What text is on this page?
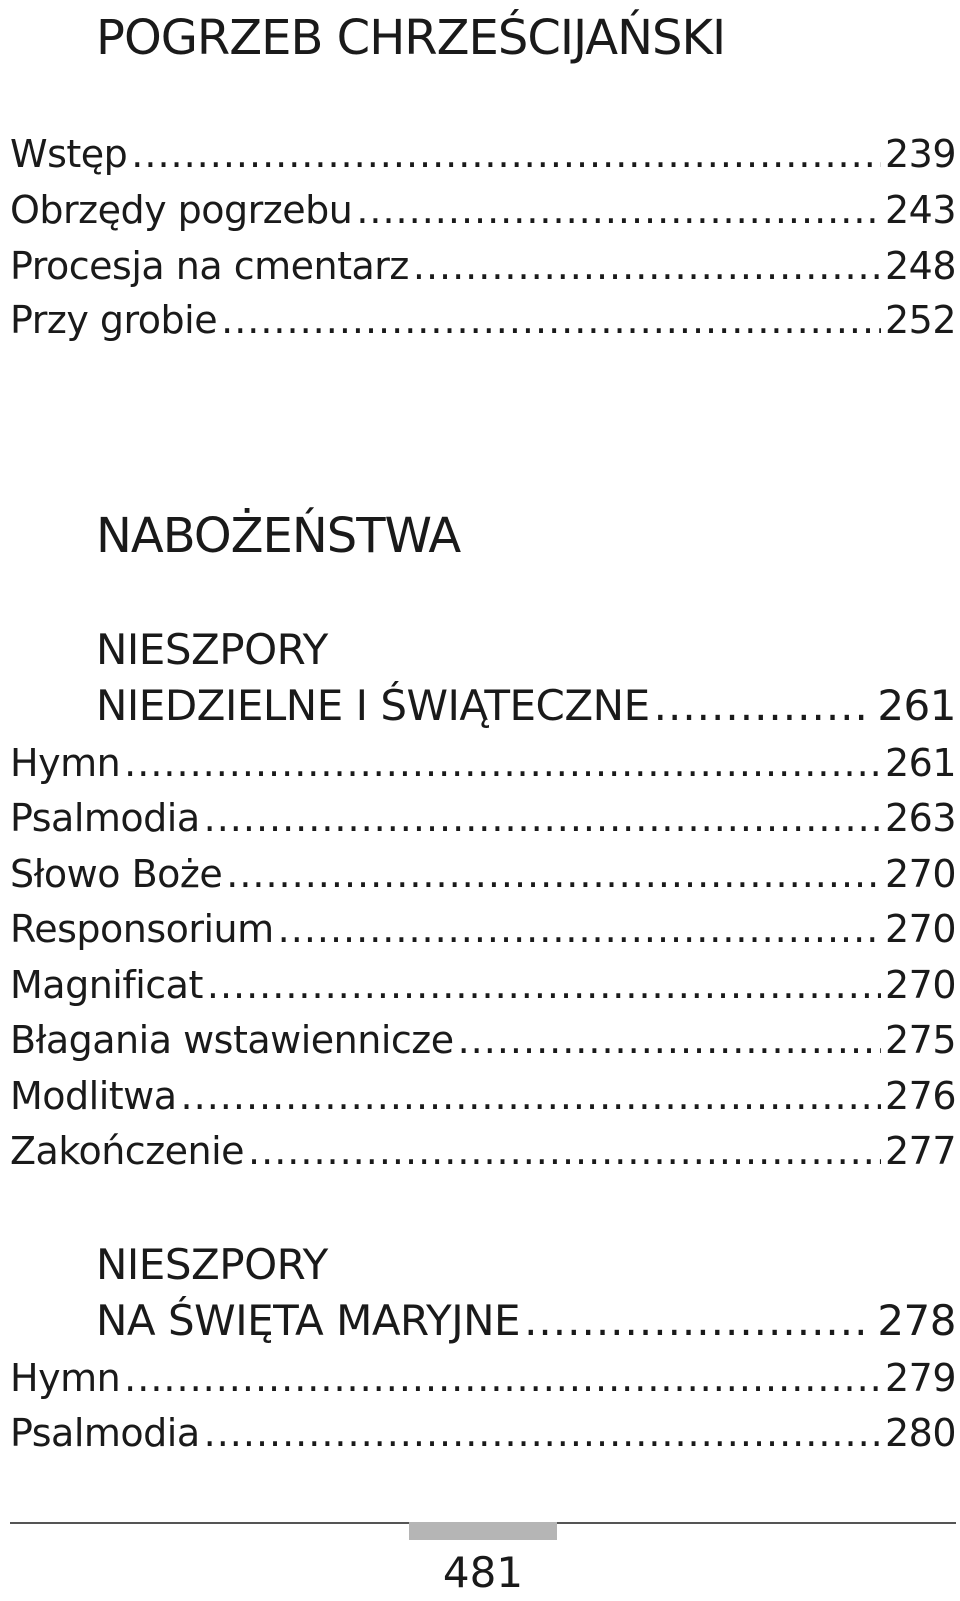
POGRZEB CHRZEŚCIJAŃSKI
Wstęp .....	239
Obrzędy pogrzebu .....	243
Procesja na cmentarz .....	248
Przy grobie .....	252
NABOŻEŃSTWA
NIESZPORY
NIEDZIELNE I ŚWIĄTECZNE .....	261
Hymn .....	261
Psalmodia .....	263
Słowo Boże .....	270
Responsorium .....	270
Magnificat .....	270
Błagania wstawiennicze .....	275
Modlitwa .....	276
Zakończenie .....	277
NIESZPORY
NA ŚWIĘTA MARYJNE .....	278
Hymn .....	279
Psalmodia .....	280
481
